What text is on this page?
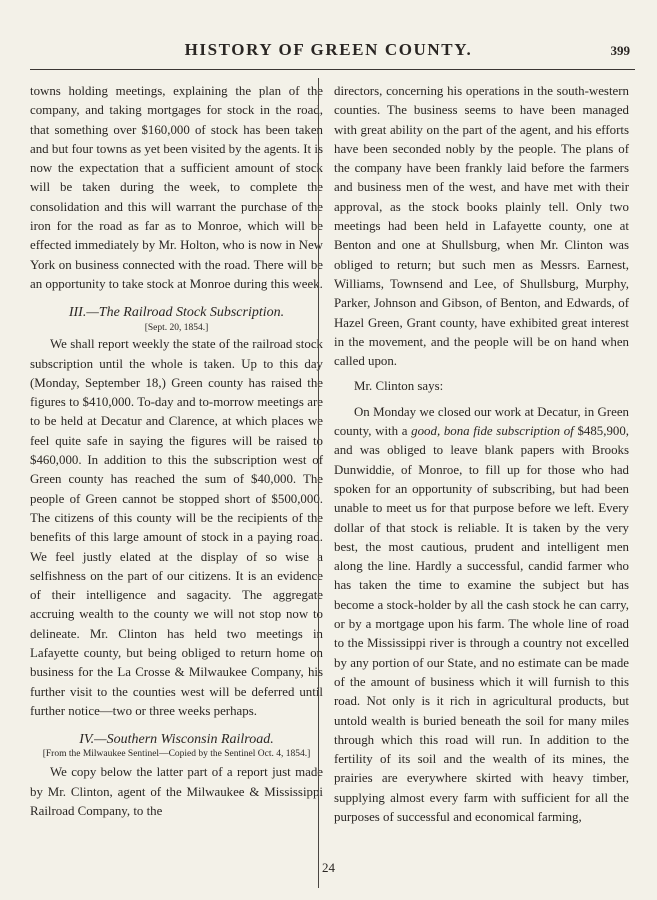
HISTORY OF GREEN COUNTY.	399

towns holding meetings, explaining the plan of the company, and taking mortgages for stock in the road, that something over $160,000 of stock has been taken and but four towns as yet been visited by the agents. It is now the expectation that a sufficient amount of stock will be taken during the week, to complete the consolidation and this will warrant the purchase of the iron for the road as far as to Monroe, which will be effected immediately by Mr. Holton, who is now in New York on business connected with the road. There will be an opportunity to take stock at Monroe during this week.

III.—The Railroad Stock Subscription.

[Sept. 20, 1854.]

We shall report weekly the state of the railroad stock subscription until the whole is taken. Up to this day (Monday, September 18,) Green county has raised the figures to $410,000. To-day and to-morrow meetings are to be held at Decatur and Clarence, at which places we feel quite safe in saying the figures will be raised to $460,000. In addition to this the subscription west of Green county has reached the sum of $40,000. The people of Green cannot be stopped short of $500,000. The citizens of this county will be the recipients of the benefits of this large amount of stock in a paying road. We feel justly elated at the display of so wise a selfishness on the part of our citizens. It is an evidence of their intelligence and sagacity. The aggregate accruing wealth to the county we will not stop now to delineate. Mr. Clinton has held two meetings in Lafayette county, but being obliged to return home on business for the La Crosse & Milwaukee Company, his further visit to the counties west will be deferred until further notice—two or three weeks perhaps.

IV.—Southern Wisconsin Railroad.

[From the Milwaukee Sentinel—Copied by the Sentinel Oct. 4, 1854.]

We copy below the latter part of a report just made by Mr. Clinton, agent of the Milwaukee & Mississippi Railroad Company, to the

directors, concerning his operations in the south-western counties. The business seems to have been managed with great ability on the part of the agent, and his efforts have been seconded nobly by the people. The plans of the company have been frankly laid before the farmers and business men of the west, and have met with their approval, as the stock books plainly tell. Only two meetings had been held in Lafayette county, one at Benton and one at Shullsburg, when Mr. Clinton was obliged to return; but such men as Messrs. Earnest, Williams, Townsend and Lee, of Shullsburg, Murphy, Parker, Johnson and Gibson, of Benton, and Edwards, of Hazel Green, Grant county, have exhibited great interest in the movement, and the people will be on hand when called upon.

Mr. Clinton says:

On Monday we closed our work at Decatur, in Green county, with a good, bona fide subscription of $485,900, and was obliged to leave blank papers with Brooks Dunwiddie, of Monroe, to fill up for those who had spoken for an opportunity of subscribing, but had been unable to meet us for that purpose before we left. Every dollar of that stock is reliable. It is taken by the very best, the most cautious, prudent and intelligent men along the line. Hardly a successful, candid farmer who has taken the time to examine the subject but has become a stock-holder by all the cash stock he can carry, or by a mortgage upon his farm. The whole line of road to the Mississippi river is through a country not excelled by any portion of our State, and no estimate can be made of the amount of business which it will furnish to this road. Not only is it rich in agricultural products, but untold wealth is buried beneath the soil for many miles through which this road will run. In addition to the fertility of its soil and the wealth of its mines, the prairies are everywhere skirted with heavy timber, supplying almost every farm with sufficient for all the purposes of successful and economical farming,

24
